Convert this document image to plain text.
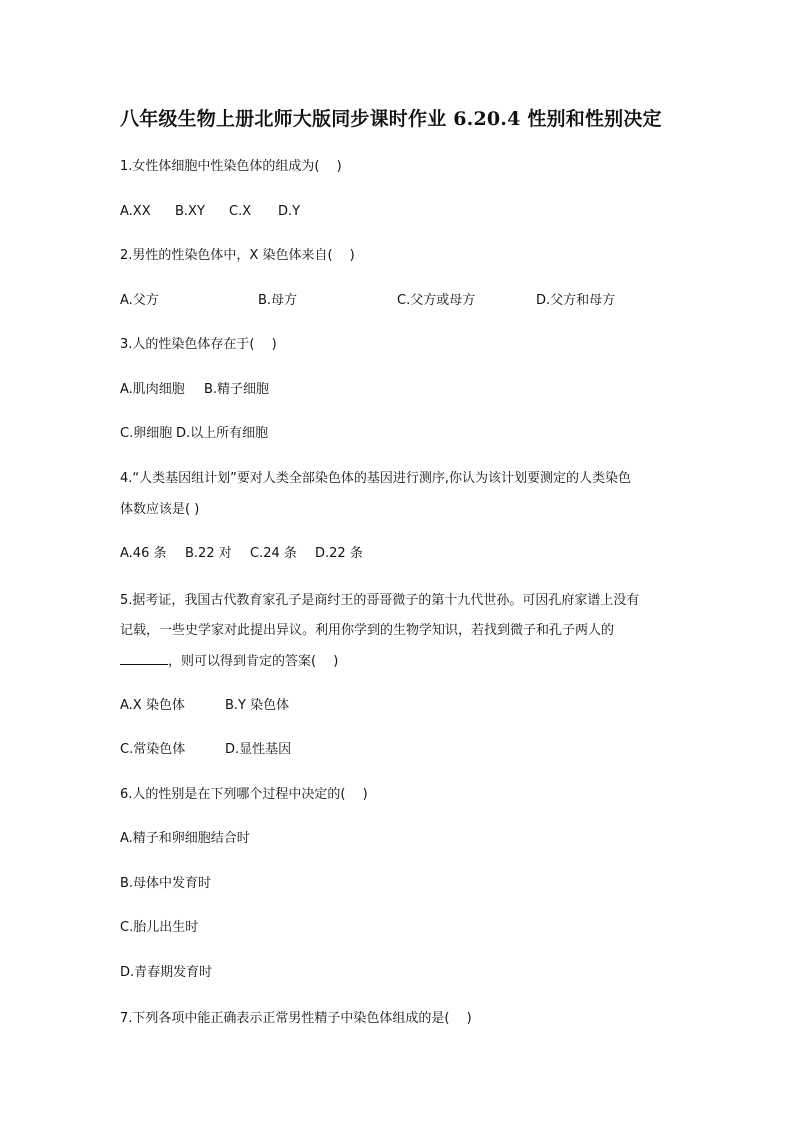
八年级生物上册北师大版同步课时作业 6.20.4 性别和性别决定
1.女性体细胞中性染色体的组成为(　 )
A.XX B.XY C.X D.Y
2.男性的性染色体中，X 染色体来自(　 )
A.父方	B.母方	C.父方或母方	D.父方和母方
3.人的性染色体存在于(　 )
A.肌肉细胞 B.精子细胞
C.卵细胞 D.以上所有细胞
4.“人类基因组计划”要对人类全部染色体的基因进行测序,你认为该计划要测定的人类染色
体数应该是( )
A.46 条 B.22 对 C.24 条 D.22 条
5.据考证，我国古代教育家孔子是商纣王的哥哥微子的第十九代世孙。可因孔府家谱上没有
记载，一些史学家对此提出异议。利用你学到的生物学知识，若找到微子和孔子两人的
，则可以得到肯定的答案(　 )
A.X 染色体	B.Y 染色体
C.常染色体	D.显性基因
6.人的性别是在下列哪个过程中决定的(　 )
A.精子和卵细胞结合时
B.母体中发育时
C.胎儿出生时
D.青春期发育时
7.下列各项中能正确表示正常男性精子中染色体组成的是(　 )
